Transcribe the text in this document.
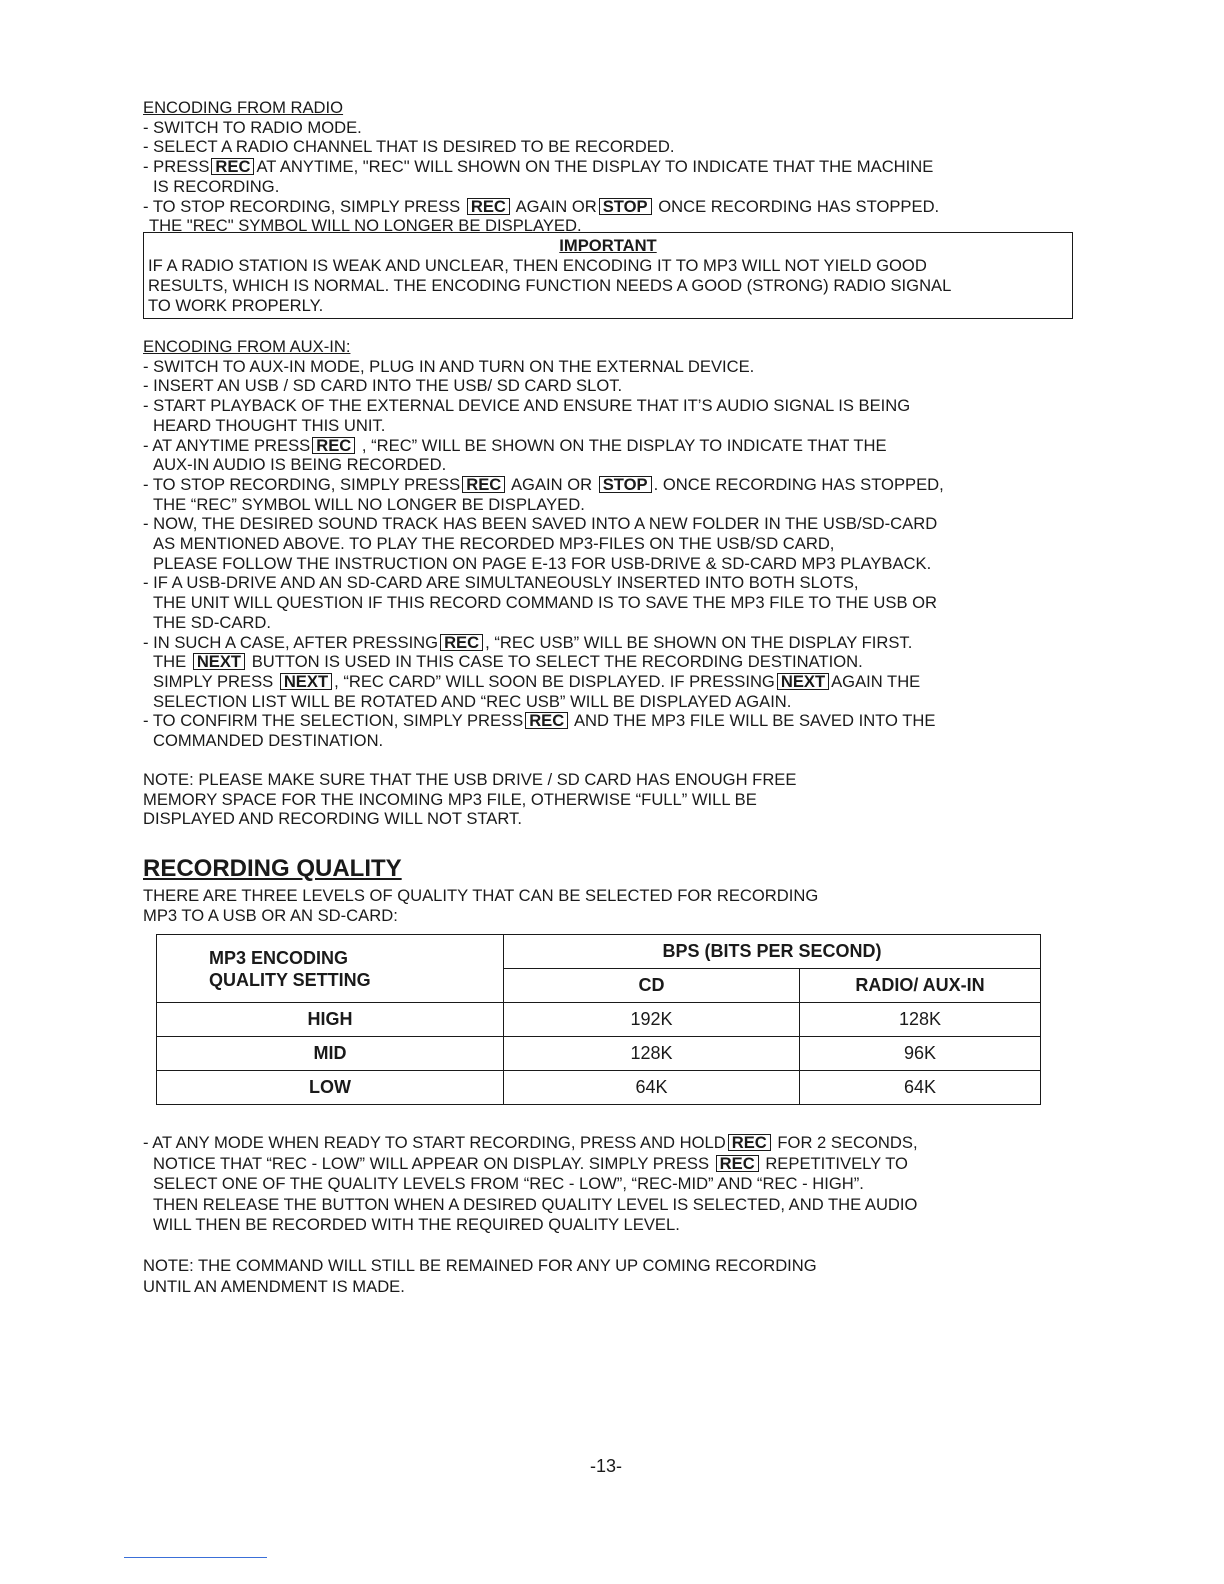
ENCODING FROM RADIO
- SWITCH TO RADIO MODE.
- SELECT A RADIO CHANNEL THAT IS DESIRED TO BE RECORDED.
- PRESS REC AT ANYTIME, "REC" WILL SHOWN ON THE DISPLAY TO INDICATE THAT THE MACHINE
IS RECORDING.
- TO STOP RECORDING, SIMPLY PRESS REC AGAIN OR STOP ONCE RECORDING HAS STOPPED.
THE "REC" SYMBOL WILL NO LONGER BE DISPLAYED.
IMPORTANT
IF A RADIO STATION IS WEAK AND UNCLEAR, THEN ENCODING IT TO MP3 WILL NOT YIELD GOOD
RESULTS, WHICH IS NORMAL. THE ENCODING FUNCTION NEEDS A GOOD (STRONG) RADIO SIGNAL
TO WORK PROPERLY.
ENCODING FROM AUX-IN:
- SWITCH TO AUX-IN MODE, PLUG IN AND TURN ON THE EXTERNAL DEVICE.
- INSERT AN USB / SD CARD INTO THE USB/ SD CARD SLOT.
- START PLAYBACK OF THE EXTERNAL DEVICE AND ENSURE THAT IT’S AUDIO SIGNAL IS BEING
HEARD THOUGHT THIS UNIT.
- AT ANYTIME PRESS REC , “REC” WILL BE SHOWN ON THE DISPLAY TO INDICATE THAT THE
AUX-IN AUDIO IS BEING RECORDED.
- TO STOP RECORDING, SIMPLY PRESS REC AGAIN OR STOP . ONCE RECORDING HAS STOPPED,
THE “REC” SYMBOL WILL NO LONGER BE DISPLAYED.
- NOW, THE DESIRED SOUND TRACK HAS BEEN SAVED INTO A NEW FOLDER IN THE USB/SD-CARD
AS MENTIONED ABOVE. TO PLAY THE RECORDED MP3-FILES ON THE USB/SD CARD,
PLEASE FOLLOW THE INSTRUCTION ON PAGE E-13 FOR USB-DRIVE & SD-CARD MP3 PLAYBACK.
- IF A USB-DRIVE AND AN SD-CARD ARE SIMULTANEOUSLY INSERTED INTO BOTH SLOTS,
THE UNIT WILL QUESTION IF THIS RECORD COMMAND IS TO SAVE THE MP3 FILE TO THE USB OR
THE SD-CARD.
- IN SUCH A CASE, AFTER PRESSING REC , “REC USB” WILL BE SHOWN ON THE DISPLAY FIRST.
THE NEXT BUTTON IS USED IN THIS CASE TO SELECT THE RECORDING DESTINATION.
SIMPLY PRESS NEXT , “REC CARD” WILL SOON BE DISPLAYED. IF PRESSING NEXT AGAIN THE
SELECTION LIST WILL BE ROTATED AND “REC USB” WILL BE DISPLAYED AGAIN.
- TO CONFIRM THE SELECTION, SIMPLY PRESS REC AND THE MP3 FILE WILL BE SAVED INTO THE
COMMANDED DESTINATION.
NOTE: PLEASE MAKE SURE THAT THE USB DRIVE / SD CARD HAS ENOUGH FREE
MEMORY SPACE FOR THE INCOMING MP3 FILE, OTHERWISE “FULL” WILL BE
DISPLAYED AND RECORDING WILL NOT START.
RECORDING QUALITY
THERE ARE THREE LEVELS OF QUALITY THAT CAN BE SELECTED FOR RECORDING
MP3 TO A USB OR AN SD-CARD:
MP3 ENCODING
QUALITY SETTING	BPS (BITS PER SECOND)	
	CD	RADIO/ AUX-IN
HIGH	192K	128K
MID	128K	96K
LOW	64K	64K
- AT ANY MODE WHEN READY TO START RECORDING, PRESS AND HOLD REC FOR 2 SECONDS,
NOTICE THAT “REC - LOW” WILL APPEAR ON DISPLAY. SIMPLY PRESS REC REPETITIVELY TO
SELECT ONE OF THE QUALITY LEVELS FROM “REC - LOW”, “REC-MID” AND “REC - HIGH”.
THEN RELEASE THE BUTTON WHEN A DESIRED QUALITY LEVEL IS SELECTED, AND THE AUDIO
WILL THEN BE RECORDED WITH THE REQUIRED QUALITY LEVEL.
NOTE: THE COMMAND WILL STILL BE REMAINED FOR ANY UP COMING RECORDING
UNTIL AN AMENDMENT IS MADE.
-13-
